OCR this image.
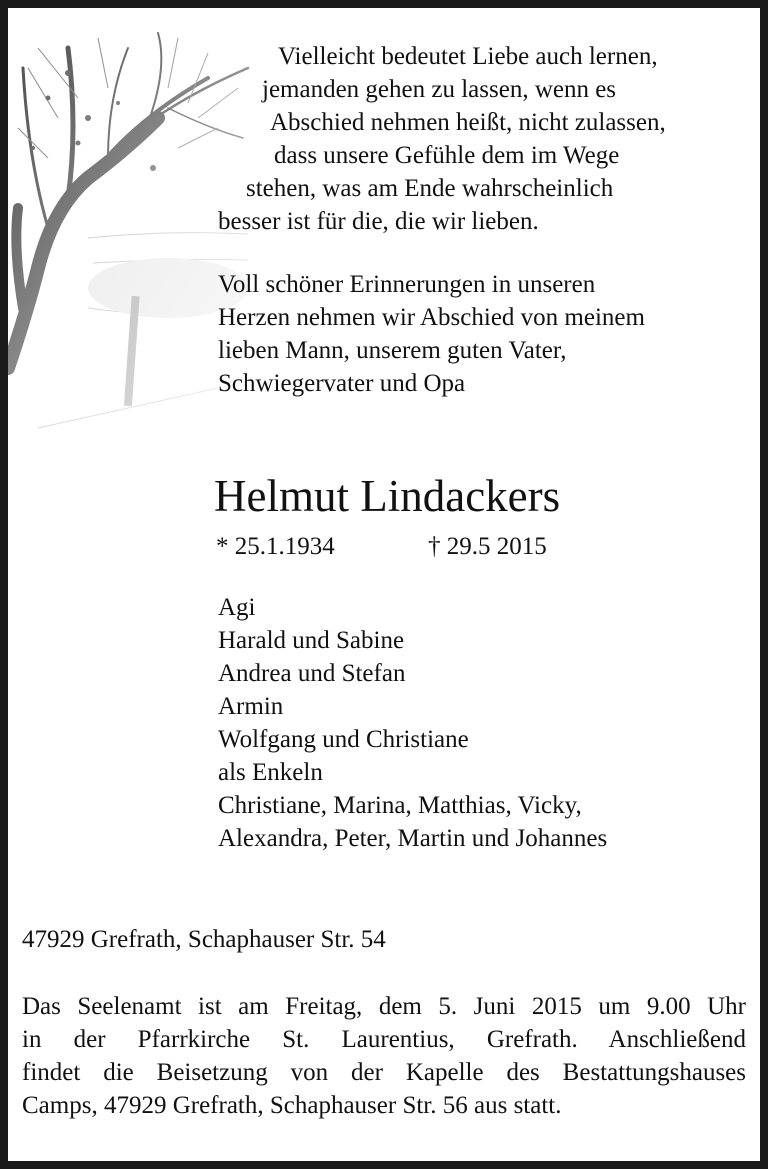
Vielleicht bedeutet Liebe auch lernen,
jemanden gehen zu lassen, wenn es
Abschied nehmen heißt, nicht zulassen,
dass unsere Gefühle dem im Wege
stehen, was am Ende wahrscheinlich
besser ist für die, die wir lieben.
Voll schöner Erinnerungen in unseren
Herzen nehmen wir Abschied von meinem
lieben Mann, unserem guten Vater,
Schwiegervater und Opa
Helmut Lindackers
* 25.1.1934	† 29.5 2015
Agi
Harald und Sabine
Andrea und Stefan
Armin
Wolfgang und Christiane
als Enkeln
Christiane, Marina, Matthias, Vicky,
Alexandra, Peter, Martin und Johannes
47929 Grefrath, Schaphauser Str. 54
Das Seelenamt ist am Freitag, dem 5. Juni 2015 um 9.00 Uhr
in der Pfarrkirche St. Laurentius, Grefrath. Anschließend
findet die Beisetzung von der Kapelle des Bestattungshauses
Camps, 47929 Grefrath, Schaphauser Str. 56 aus statt.
